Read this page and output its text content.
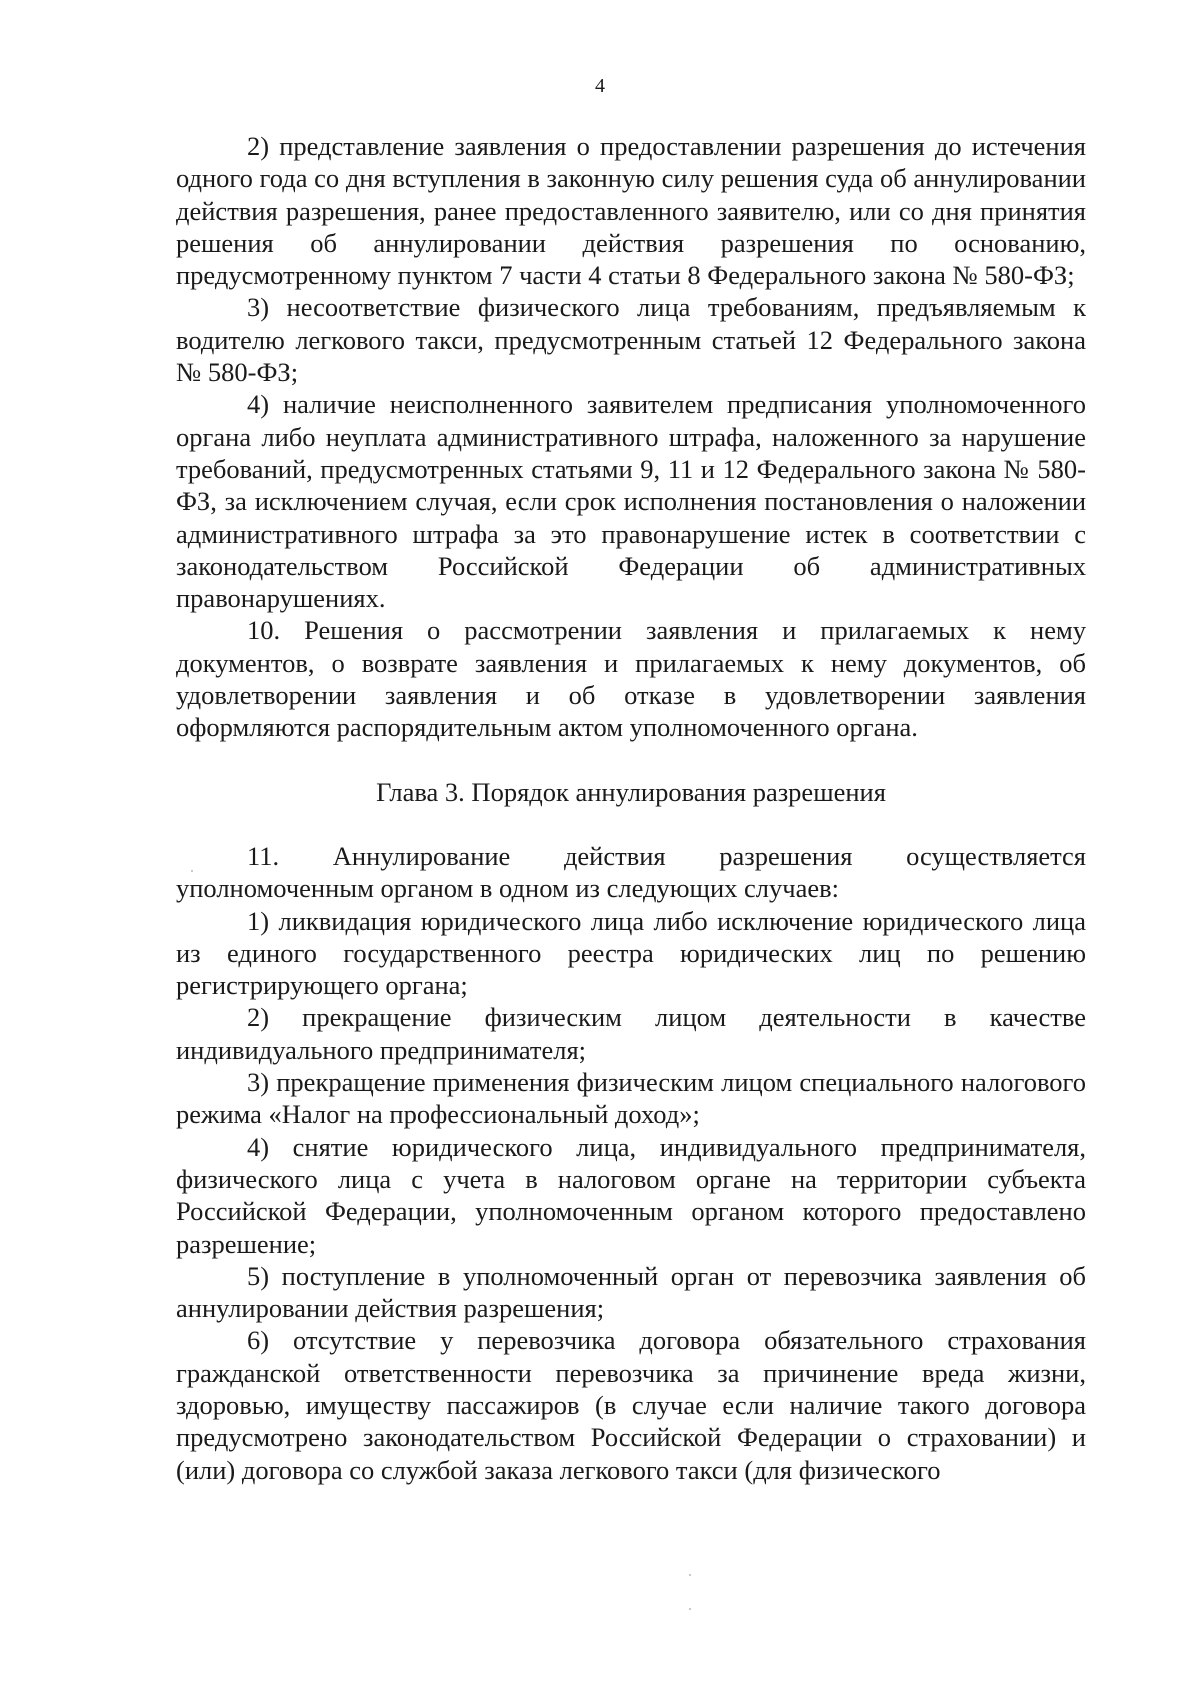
4

2) представление заявления о предоставлении разрешения до истечения одного года со дня вступления в законную силу решения суда об аннулировании действия разрешения, ранее предоставленного заявителю, или со дня принятия решения об аннулировании действия разрешения по основанию, предусмотренному пунктом 7 части 4 статьи 8 Федерального закона № 580-ФЗ;

3) несоответствие физического лица требованиям, предъявляемым к водителю легкового такси, предусмотренным статьей 12 Федерального закона № 580-ФЗ;

4) наличие неисполненного заявителем предписания уполномоченного органа либо неуплата административного штрафа, наложенного за нарушение требований, предусмотренных статьями 9, 11 и 12 Федерального закона № 580-ФЗ, за исключением случая, если срок исполнения постановления о наложении административного штрафа за это правонарушение истек в соответствии с законодательством Российской Федерации об административных правонарушениях.

10. Решения о рассмотрении заявления и прилагаемых к нему документов, о возврате заявления и прилагаемых к нему документов, об удовлетворении заявления и об отказе в удовлетворении заявления оформляются распорядительным актом уполномоченного органа.

Глава 3. Порядок аннулирования разрешения

11. Аннулирование действия разрешения осуществляется уполномоченным органом в одном из следующих случаев:

1) ликвидация юридического лица либо исключение юридического лица из единого государственного реестра юридических лиц по решению регистрирующего органа;

2) прекращение физическим лицом деятельности в качестве индивидуального предпринимателя;

3) прекращение применения физическим лицом специального налогового режима «Налог на профессиональный доход»;

4) снятие юридического лица, индивидуального предпринимателя, физического лица с учета в налоговом органе на территории субъекта Российской Федерации, уполномоченным органом которого предоставлено разрешение;

5) поступление в уполномоченный орган от перевозчика заявления об аннулировании действия разрешения;

6) отсутствие у перевозчика договора обязательного страхования гражданской ответственности перевозчика за причинение вреда жизни, здоровью, имуществу пассажиров (в случае если наличие такого договора предусмотрено законодательством Российской Федерации о страховании) и (или) договора со службой заказа легкового такси (для физического
